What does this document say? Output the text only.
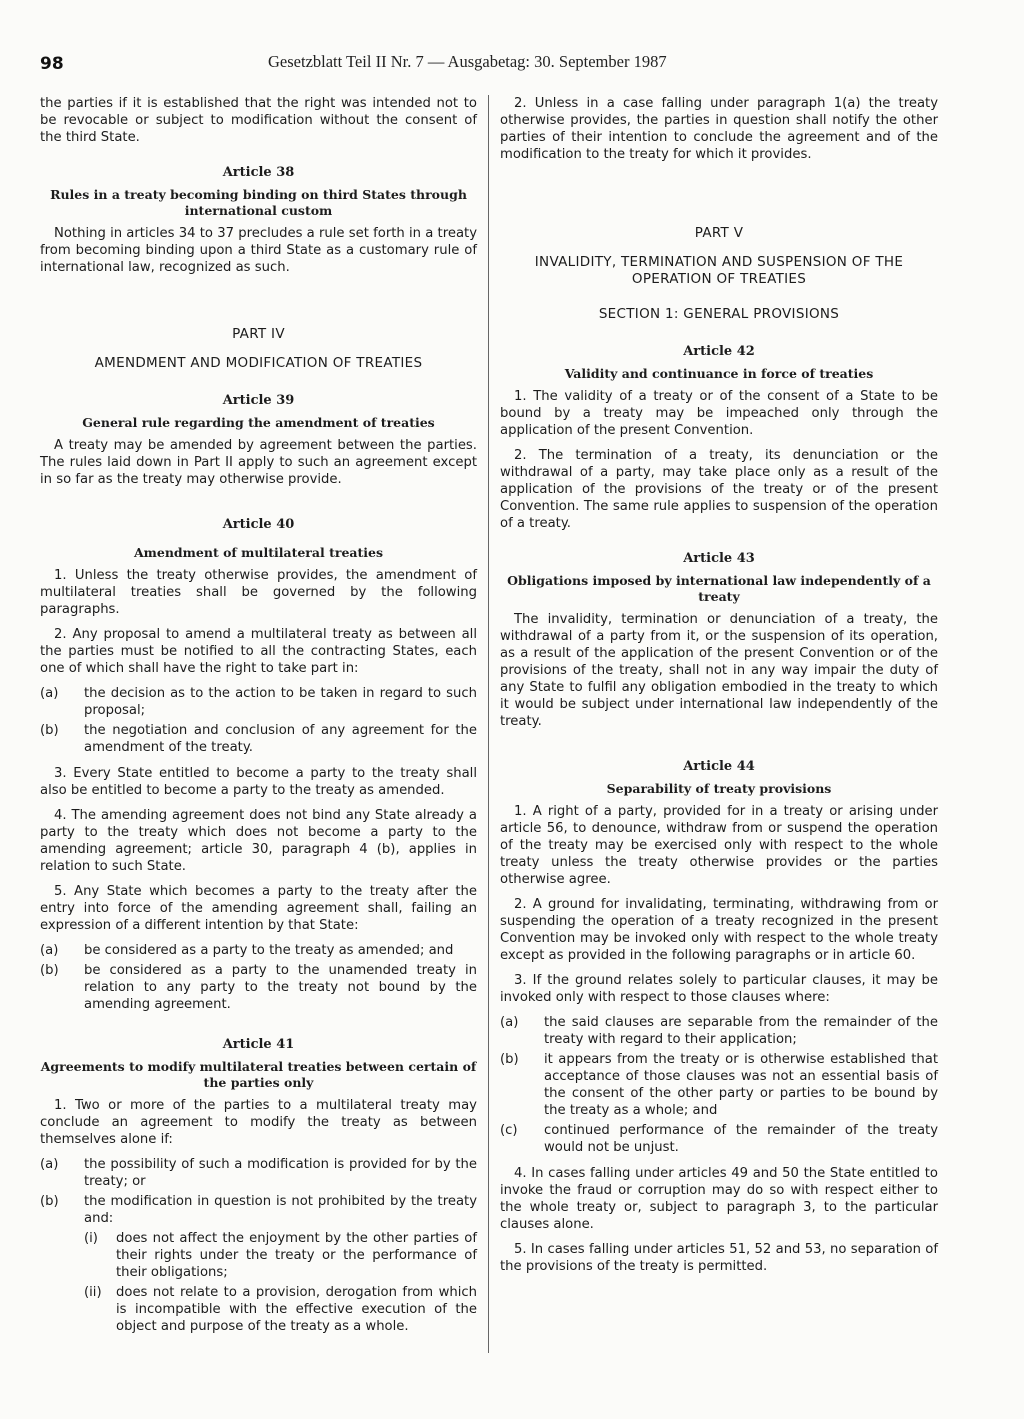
98	Gesetzblatt Teil II Nr. 7 — Ausgabetag: 30. September 1987

the parties if it is established that the right was intended not to be revocable or subject to modification without the consent of the third State.

Article 38
Rules in a treaty becoming binding on third States through international custom

Nothing in articles 34 to 37 precludes a rule set forth in a treaty from becoming binding upon a third State as a customary rule of international law, recognized as such.

PART IV
AMENDMENT AND MODIFICATION OF TREATIES
Article 39
General rule regarding the amendment of treaties

A treaty may be amended by agreement between the parties. The rules laid down in Part II apply to such an agreement except in so far as the treaty may otherwise provide.

Article 40
Amendment of multilateral treaties

1. Unless the treaty otherwise provides, the amendment of multilateral treaties shall be governed by the following paragraphs.

2. Any proposal to amend a multilateral treaty as between all the parties must be notified to all the contracting States, each one of which shall have the right to take part in:

(a)	the decision as to the action to be taken in regard to such proposal;
(b)	the negotiation and conclusion of any agreement for the amendment of the treaty.

3. Every State entitled to become a party to the treaty shall also be entitled to become a party to the treaty as amended.

4. The amending agreement does not bind any State already a party to the treaty which does not become a party to the amending agreement; article 30, paragraph 4 (b), applies in relation to such State.

5. Any State which becomes a party to the treaty after the entry into force of the amending agreement shall, failing an expression of a different intention by that State:

(a)	be considered as a party to the treaty as amended; and
(b)	be considered as a party to the unamended treaty in relation to any party to the treaty not bound by the amending agreement.
Article 41
Agreements to modify multilateral treaties between certain of the parties only

1. Two or more of the parties to a multilateral treaty may conclude an agreement to modify the treaty as between themselves alone if:

(a)	the possibility of such a modification is provided for by the treaty; or
(b)	the modification in question is not prohibited by the treaty and:
(i)	does not affect the enjoyment by the other parties of their rights under the treaty or the performance of their obligations;
(ii)	does not relate to a provision, derogation from which is incompatible with the effective execution of the object and purpose of the treaty as a whole.

2. Unless in a case falling under paragraph 1(a) the treaty otherwise provides, the parties in question shall notify the other parties of their intention to conclude the agreement and of the modification to the treaty for which it provides.

PART V
INVALIDITY, TERMINATION AND SUSPENSION OF THE OPERATION OF TREATIES
SECTION 1: GENERAL PROVISIONS
Article 42
Validity and continuance in force of treaties

1. The validity of a treaty or of the consent of a State to be bound by a treaty may be impeached only through the application of the present Convention.

2. The termination of a treaty, its denunciation or the withdrawal of a party, may take place only as a result of the application of the provisions of the treaty or of the present Convention. The same rule applies to suspension of the operation of a treaty.

Article 43
Obligations imposed by international law independently of a treaty

The invalidity, termination or denunciation of a treaty, the withdrawal of a party from it, or the suspension of its operation, as a result of the application of the present Convention or of the provisions of the treaty, shall not in any way impair the duty of any State to fulfil any obligation embodied in the treaty to which it would be subject under international law independently of the treaty.

Article 44
Separability of treaty provisions

1. A right of a party, provided for in a treaty or arising under article 56, to denounce, withdraw from or suspend the operation of the treaty may be exercised only with respect to the whole treaty unless the treaty otherwise provides or the parties otherwise agree.

2. A ground for invalidating, terminating, withdrawing from or suspending the operation of a treaty recognized in the present Convention may be invoked only with respect to the whole treaty except as provided in the following paragraphs or in article 60.

3. If the ground relates solely to particular clauses, it may be invoked only with respect to those clauses where:

(a)	the said clauses are separable from the remainder of the treaty with regard to their application;
(b)	it appears from the treaty or is otherwise established that acceptance of those clauses was not an essential basis of the consent of the other party or parties to be bound by the treaty as a whole; and
(c)	continued performance of the remainder of the treaty would not be unjust.

4. In cases falling under articles 49 and 50 the State entitled to invoke the fraud or corruption may do so with respect either to the whole treaty or, subject to paragraph 3, to the particular clauses alone.

5. In cases falling under articles 51, 52 and 53, no separation of the provisions of the treaty is permitted.
